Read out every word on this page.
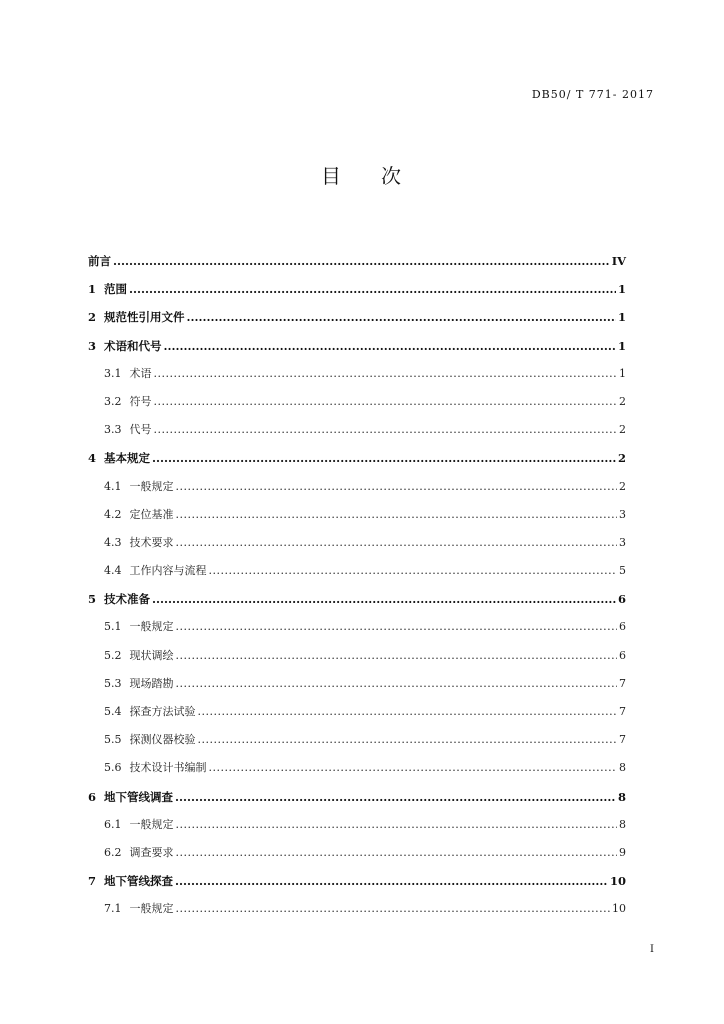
DB50/ T 771- 2017
目 次
前言 .....	IV
1 范围 .....	1
2 规范性引用文件 .....	1
3 术语和代号 .....	1
3.1 术语 .....	1
3.2 符号 .....	2
3.3 代号 .....	2
4 基本规定 .....	2
4.1 一般规定 .....	2
4.2 定位基准 .....	3
4.3 技术要求 .....	3
4.4 工作内容与流程 .....	5
5 技术准备 .....	6
5.1 一般规定 .....	6
5.2 现状调绘 .....	6
5.3 现场踏勘 .....	7
5.4 探查方法试验 .....	7
5.5 探测仪器校验 .....	7
5.6 技术设计书编制 .....	8
6 地下管线调查 .....	8
6.1 一般规定 .....	8
6.2 调查要求 .....	9
7 地下管线探查 .....	10
7.1 一般规定 .....	10
I
